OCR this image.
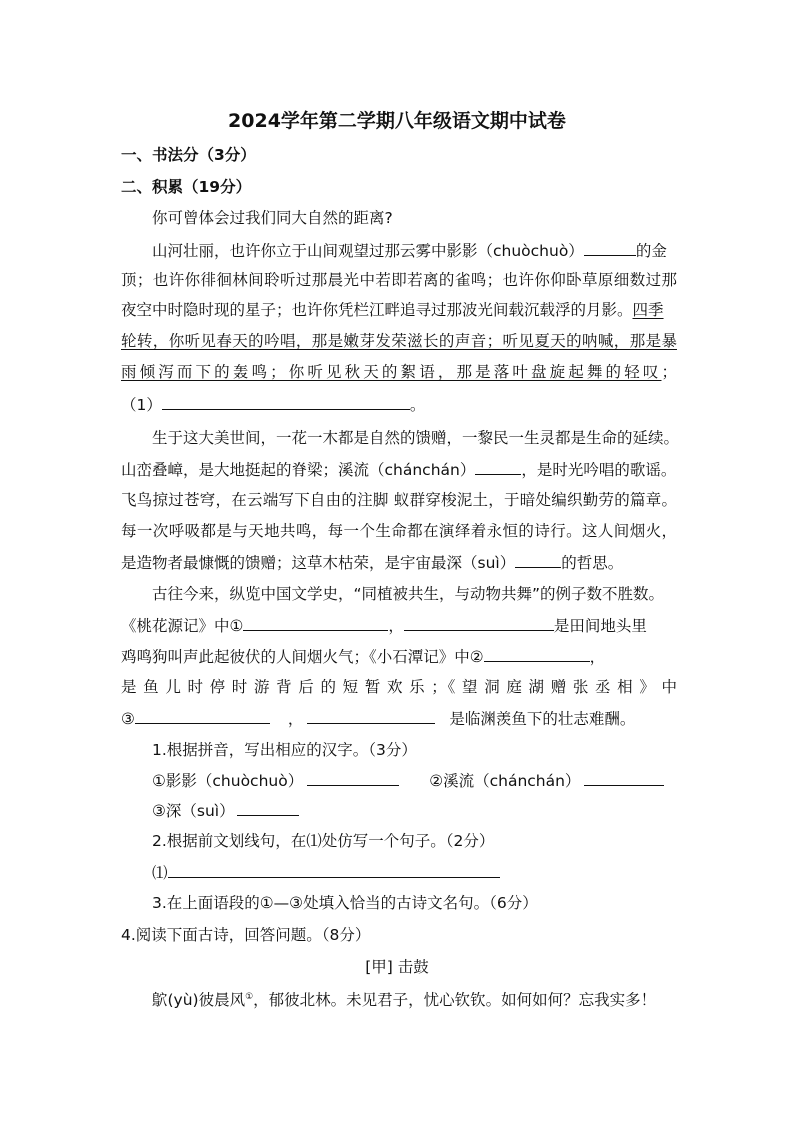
2024学年第二学期八年级语文期中试卷
一、书法分（3分）
二、积累（19分）
你可曾体会过我们同大自然的距离?
山河壮丽，也许你立于山间观望过那云雾中影影（chuòchuò）	的金
顶；也许你徘徊林间聆听过那晨光中若即若离的雀鸣；也许你仰卧草原细数过那
夜空中时隐时现的星子；也许你凭栏江畔追寻过那波光间载沉载浮的月影。四季
轮转，你听见春天的吟唱，那是嫩芽发荣滋长的声音；听见夏天的呐喊，那是暴
雨倾泻而下的轰鸣；你听见秋天的絮语，那是落叶盘旋起舞的轻叹；
（1）	。
生于这大美世间，一花一木都是自然的馈赠，一黎民一生灵都是生命的延续。
山峦叠嶂，是大地挺起的脊梁；溪流（chánchán）	，是时光吟唱的歌谣。
飞鸟掠过苍穹，在云端写下自由的注脚 蚁群穿梭泥土，于暗处编织勤劳的篇章。
每一次呼吸都是与天地共鸣，每一个生命都在演绎着永恒的诗行。这人间烟火，
是造物者最慷慨的馈赠；这草木枯荣，是宇宙最深（suì）	的哲思。
古往今来，纵览中国文学史，“同植被共生，与动物共舞”的例子数不胜数。
《桃花源记》中①	，	是田间地头里
鸡鸣狗叫声此起彼伏的人间烟火气；《小石潭记》中②	，
是 鱼 儿 时 停 时 游 背 后 的 短 暂 欢 乐 ；《 望 洞 庭 湖 赠 张 丞 相 》 中
③	，	是临渊羡鱼下的壮志难酬。
1.根据拼音，写出相应的汉字。（3分）
①影影（chuòchuò）	②溪流（chánchán）
③深（suì）
2.根据前文划线句，在⑴处仿写一个句子。（2分）
⑴
3.在上面语段的①—③处填入恰当的古诗文名句。（6分）
4.阅读下面古诗，回答问题。（8分）
[甲] 击鼓
鴥(yù)彼晨风①，郁彼北林。未见君子，忧心钦钦。如何如何？忘我实多！
